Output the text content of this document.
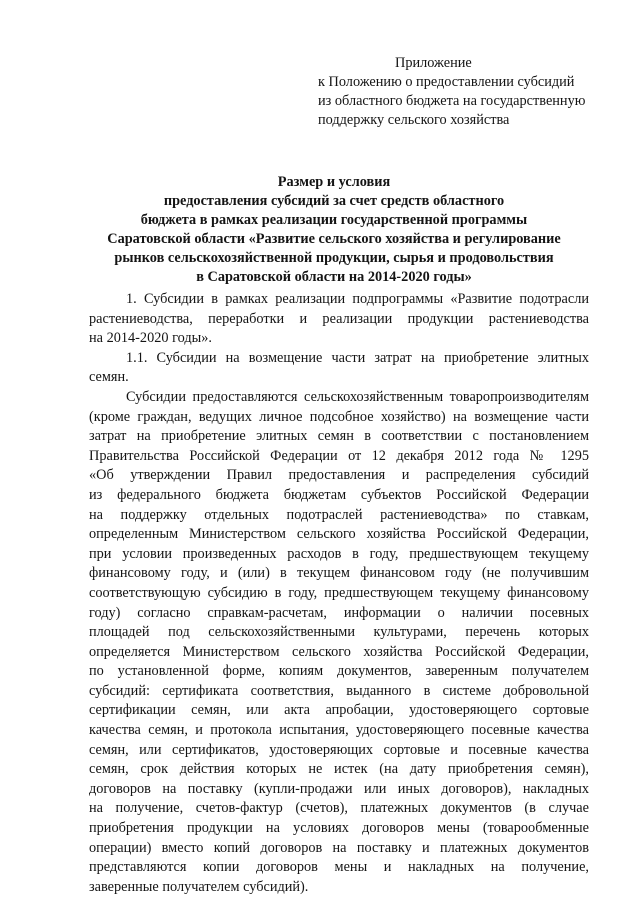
Приложение
к Положению о предоставлении субсидий
из областного бюджета на государственную
поддержку сельского хозяйства
Размер и условия
предоставления субсидий за счет средств областного
бюджета в рамках реализации государственной программы
Саратовской области «Развитие сельского хозяйства и регулирование
рынков сельскохозяйственной продукции, сырья и продовольствия
в Саратовской области на 2014-2020 годы»
1. Субсидии в рамках реализации подпрограммы «Развитие подотрасли
растениеводства, переработки и реализации продукции растениеводства
на 2014-2020 годы».
1.1. Субсидии на возмещение части затрат на приобретение элитных
семян.
Субсидии предоставляются сельскохозяйственным товаропроизводителям
(кроме граждан, ведущих личное подсобное хозяйство) на возмещение части
затрат на приобретение элитных семян в соответствии с постановлением
Правительства Российской Федерации от 12 декабря 2012 года № 1295
«Об утверждении Правил предоставления и распределения субсидий
из федерального бюджета бюджетам субъектов Российской Федерации
на поддержку отдельных подотраслей растениеводства» по ставкам,
определенным Министерством сельского хозяйства Российской Федерации,
при условии произведенных расходов в году, предшествующем текущему
финансовому году, и (или) в текущем финансовом году (не получившим
соответствующую субсидию в году, предшествующем текущему финансовому
году) согласно справкам-расчетам, информации о наличии посевных
площадей под сельскохозяйственными культурами, перечень которых
определяется Министерством сельского хозяйства Российской Федерации,
по установленной форме, копиям документов, заверенным получателем
субсидий: сертификата соответствия, выданного в системе добровольной
сертификации семян, или акта апробации, удостоверяющего сортовые
качества семян, и протокола испытания, удостоверяющего посевные качества
семян, или сертификатов, удостоверяющих сортовые и посевные качества
семян, срок действия которых не истек (на дату приобретения семян),
договоров на поставку (купли-продажи или иных договоров), накладных
на получение, счетов-фактур (счетов), платежных документов (в случае
приобретения продукции на условиях договоров мены (товарообменные
операции) вместо копий договоров на поставку и платежных документов
представляются копии договоров мены и накладных на получение,
заверенные получателем субсидий).
